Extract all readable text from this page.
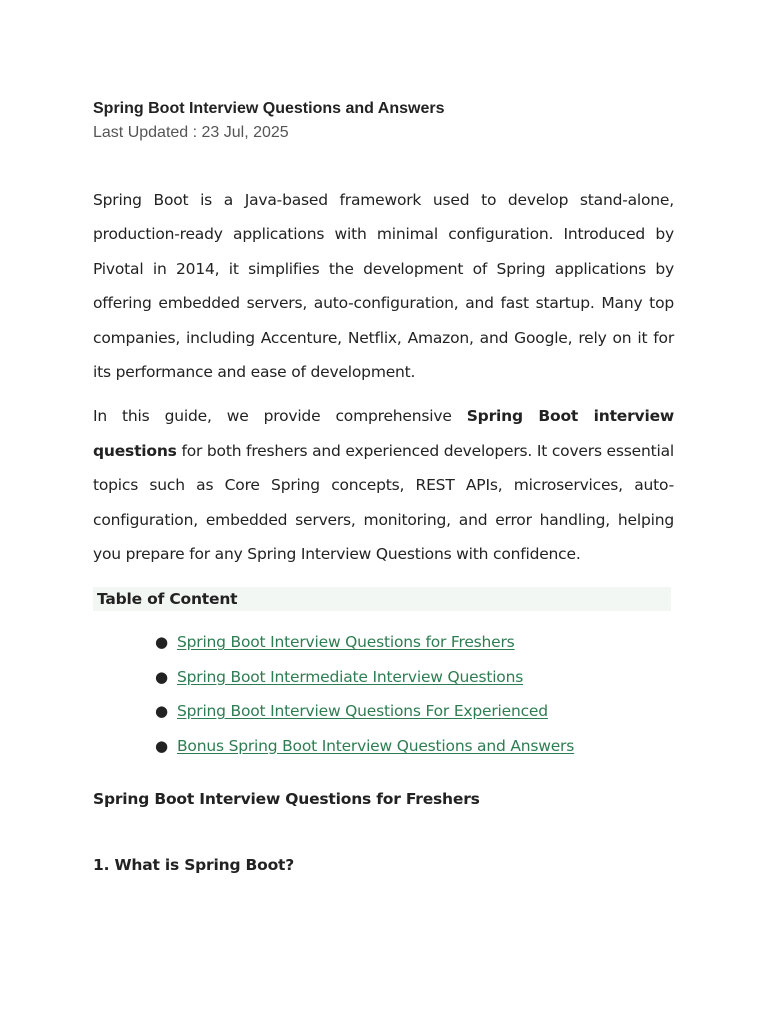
Spring Boot Interview Questions and Answers
Last Updated : 23 Jul, 2025

Spring Boot is a Java-based framework used to develop stand-alone, production-ready applications with minimal configuration. Introduced by Pivotal in 2014, it simplifies the development of Spring applications by offering embedded servers, auto-configuration, and fast startup. Many top companies, including Accenture, Netflix, Amazon, and Google, rely on it for its performance and ease of development.

In this guide, we provide comprehensive Spring Boot interview questions for both freshers and experienced developers. It covers essential topics such as Core Spring concepts, REST APIs, microservices, auto-configuration, embedded servers, monitoring, and error handling, helping you prepare for any Spring Interview Questions with confidence.

Table of Content
● Spring Boot Interview Questions for Freshers
● Spring Boot Intermediate Interview Questions
● Spring Boot Interview Questions For Experienced
● Bonus Spring Boot Interview Questions and Answers
Spring Boot Interview Questions for Freshers
1. What is Spring Boot?
